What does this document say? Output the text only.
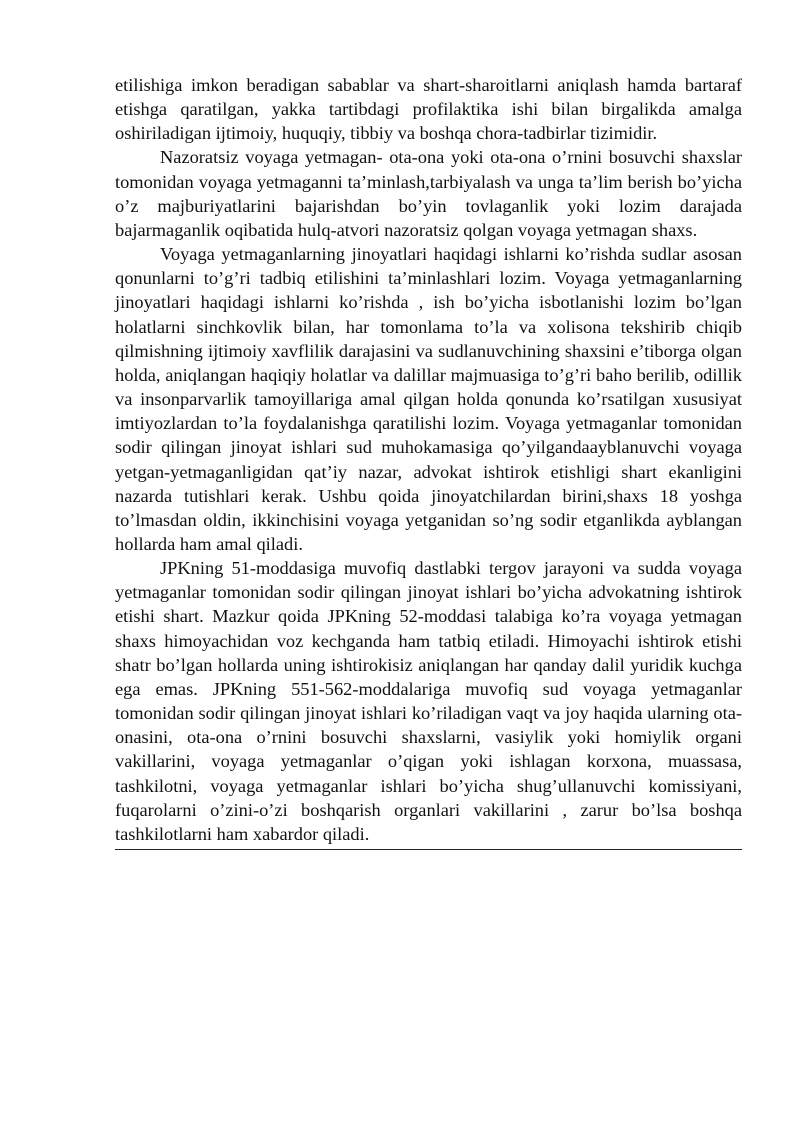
etilishiga imkon beradigan sabablar va shart-sharoitlarni aniqlash hamda bartaraf etishga qaratilgan, yakka tartibdagi profilaktika ishi bilan birgalikda amalga oshiriladigan ijtimoiy, huquqiy, tibbiy va boshqa chora-tadbirlar tizimidir.

Nazoratsiz voyaga yetmagan- ota-ona yoki ota-ona o’rnini bosuvchi shaxslar tomonidan voyaga yetmaganni ta’minlash,tarbiyalash va unga ta’lim berish bo’yicha o’z majburiyatlarini bajarishdan bo’yin tovlaganlik yoki lozim darajada bajarmaganlik oqibatida hulq-atvori nazoratsiz qolgan voyaga yetmagan shaxs.

Voyaga yetmaganlarning jinoyatlari haqidagi ishlarni ko’rishda sudlar asosan qonunlarni to’g’ri tadbiq etilishini ta’minlashlari lozim. Voyaga yetmaganlarning jinoyatlari haqidagi ishlarni ko’rishda , ish bo’yicha isbotlanishi lozim bo’lgan holatlarni sinchkovlik bilan, har tomonlama to’la va xolisona tekshirib chiqib qilmishning ijtimoiy xavflilik darajasini va sudlanuvchining shaxsini e’tiborga olgan holda, aniqlangan haqiqiy holatlar va dalillar majmuasiga to’g’ri baho berilib, odillik va insonparvarlik tamoyillariga amal qilgan holda qonunda ko’rsatilgan xususiyat imtiyozlardan to’la foydalanishga qaratilishi lozim. Voyaga yetmaganlar tomonidan sodir qilingan jinoyat ishlari sud muhokamasiga qo’yilgandaayblanuvchi voyaga yetgan-yetmaganligidan qat’iy nazar, advokat ishtirok etishligi shart ekanligini nazarda tutishlari kerak. Ushbu qoida jinoyatchilardan birini,shaxs 18 yoshga to’lmasdan oldin, ikkinchisini voyaga yetganidan so’ng sodir etganlikda ayblangan hollarda ham amal qiladi.

JPKning 51-moddasiga muvofiq dastlabki tergov jarayoni va sudda voyaga yetmaganlar tomonidan sodir qilingan jinoyat ishlari bo’yicha advokatning ishtirok etishi shart. Mazkur qoida JPKning 52-moddasi talabiga ko’ra voyaga yetmagan shaxs himoyachidan voz kechganda ham tatbiq etiladi. Himoyachi ishtirok etishi shatr bo’lgan hollarda uning ishtirokisiz aniqlangan har qanday dalil yuridik kuchga ega emas. JPKning 551-562-moddalariga muvofiq sud voyaga yetmaganlar tomonidan sodir qilingan jinoyat ishlari ko’riladigan vaqt va joy haqida ularning ota-onasini, ota-ona o’rnini bosuvchi shaxslarni, vasiylik yoki homiylik organi vakillarini, voyaga yetmaganlar o’qigan yoki ishlagan korxona, muassasa, tashkilotni, voyaga yetmaganlar ishlari bo’yicha shug’ullanuvchi komissiyani, fuqarolarni o’zini-o’zi boshqarish organlari vakillarini , zarur bo’lsa boshqa tashkilotlarni ham xabardor qiladi.
